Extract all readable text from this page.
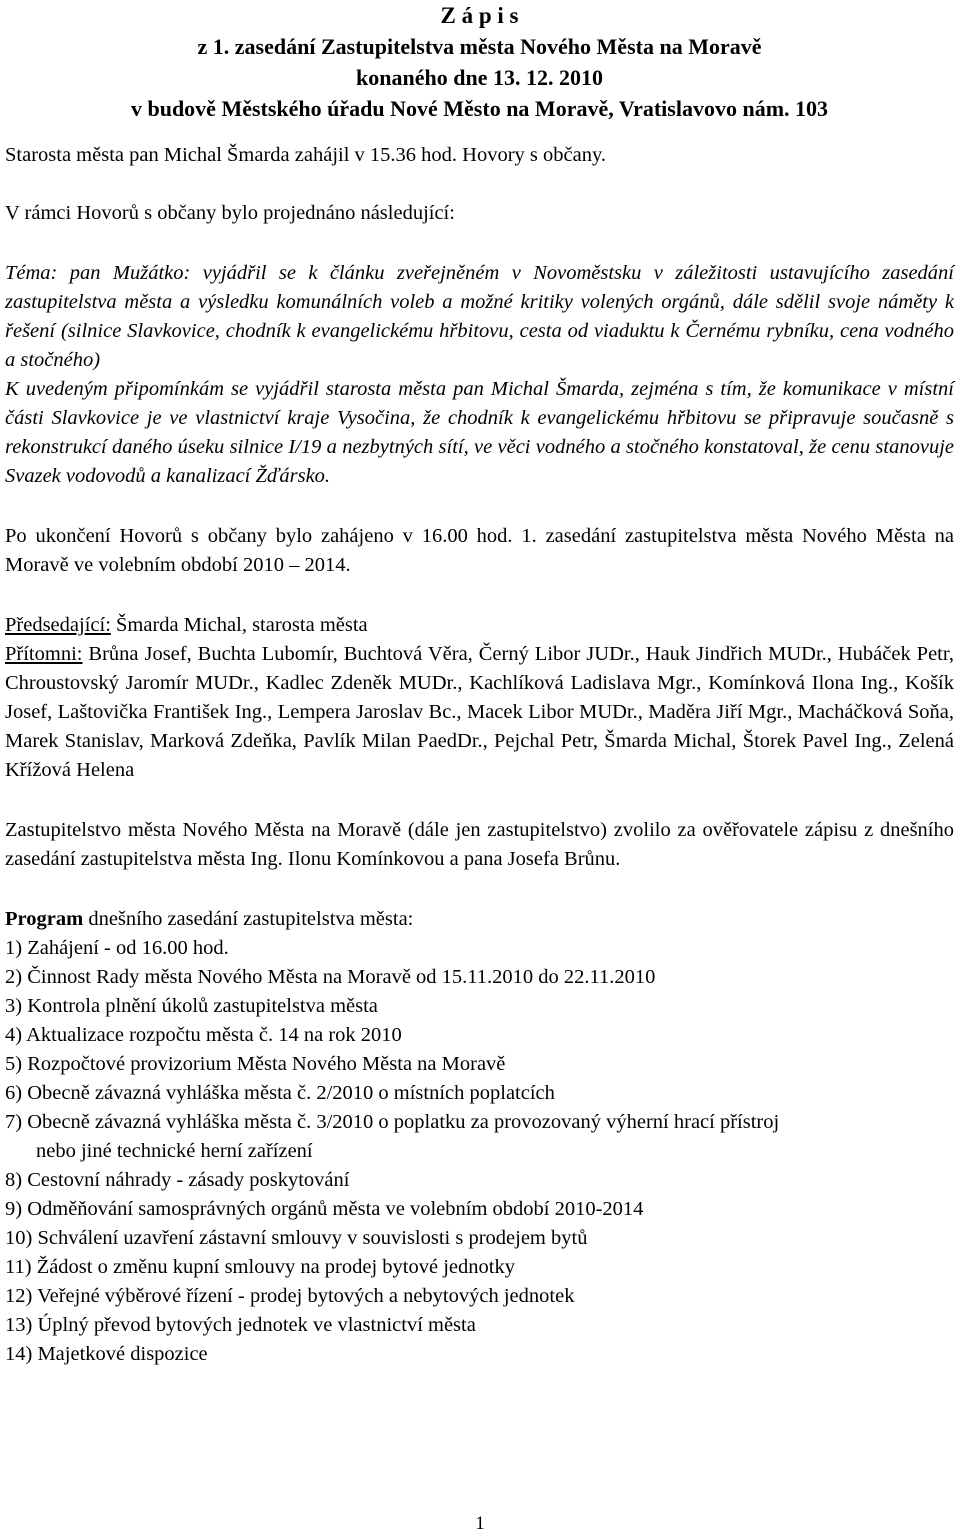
Z á p i s
z 1. zasedání Zastupitelstva města Nového Města na Moravě
konaného dne 13. 12. 2010
v budově Městského úřadu Nové Město na Moravě, Vratislavovo nám. 103

Starosta města pan Michal Šmarda zahájil v 15.36 hod. Hovory s občany.

V rámci Hovorů s občany bylo projednáno následující:

Téma: pan Mužátko: vyjádřil se k článku zveřejněném v Novoměstsku v záležitosti ustavujícího zasedání zastupitelstva města a výsledku komunálních voleb a možné kritiky volených orgánů, dále sdělil svoje náměty k řešení (silnice Slavkovice, chodník k evangelickému hřbitovu, cesta od viaduktu k Černému rybníku, cena vodného a stočného)

K uvedeným připomínkám se vyjádřil starosta města pan Michal Šmarda, zejména s tím, že komunikace v místní části Slavkovice je ve vlastnictví kraje Vysočina, že chodník k evangelickému hřbitovu se připravuje současně s rekonstrukcí daného úseku silnice I/19 a nezbytných sítí, ve věci vodného a stočného konstatoval, že cenu stanovuje Svazek vodovodů a kanalizací Žďársko.

Po ukončení Hovorů s občany bylo zahájeno v 16.00 hod. 1. zasedání zastupitelstva města Nového Města na Moravě ve volebním období 2010 – 2014.

Předsedající: Šmarda Michal, starosta města

Přítomni: Brůna Josef, Buchta Lubomír, Buchtová Věra, Černý Libor JUDr., Hauk Jindřich MUDr., Hubáček Petr, Chroustovský Jaromír MUDr., Kadlec Zdeněk MUDr., Kachlíková Ladislava Mgr., Komínková Ilona Ing., Košík Josef, Laštovička František Ing., Lempera Jaroslav Bc., Macek Libor MUDr., Maděra Jiří Mgr., Macháčková Soňa, Marek Stanislav, Marková Zdeňka, Pavlík Milan PaedDr., Pejchal Petr, Šmarda Michal, Štorek Pavel Ing., Zelená Křížová Helena

Zastupitelstvo města Nového Města na Moravě (dále jen zastupitelstvo) zvolilo za ověřovatele zápisu z dnešního zasedání zastupitelstva města Ing. Ilonu Komínkovou a pana Josefa Brůnu.

Program dnešního zasedání zastupitelstva města:

1) Zahájení - od 16.00 hod.
2) Činnost Rady města Nového Města na Moravě od 15.11.2010 do 22.11.2010
3) Kontrola plnění úkolů zastupitelstva města
4) Aktualizace rozpočtu města č. 14 na rok 2010
5) Rozpočtové provizorium Města Nového Města na Moravě
6) Obecně závazná vyhláška města č. 2/2010 o místních poplatcích
7) Obecně závazná vyhláška města č. 3/2010 o poplatku za provozovaný výherní hrací přístroj
nebo jiné technické herní zařízení
8) Cestovní náhrady - zásady poskytování
9) Odměňování samosprávných orgánů města ve volebním období 2010-2014
10) Schválení uzavření zástavní smlouvy v souvislosti s prodejem bytů
11) Žádost o změnu kupní smlouvy na prodej bytové jednotky
12) Veřejné výběrové řízení - prodej bytových a nebytových jednotek
13) Úplný převod bytových jednotek ve vlastnictví města
14) Majetkové dispozice
1
